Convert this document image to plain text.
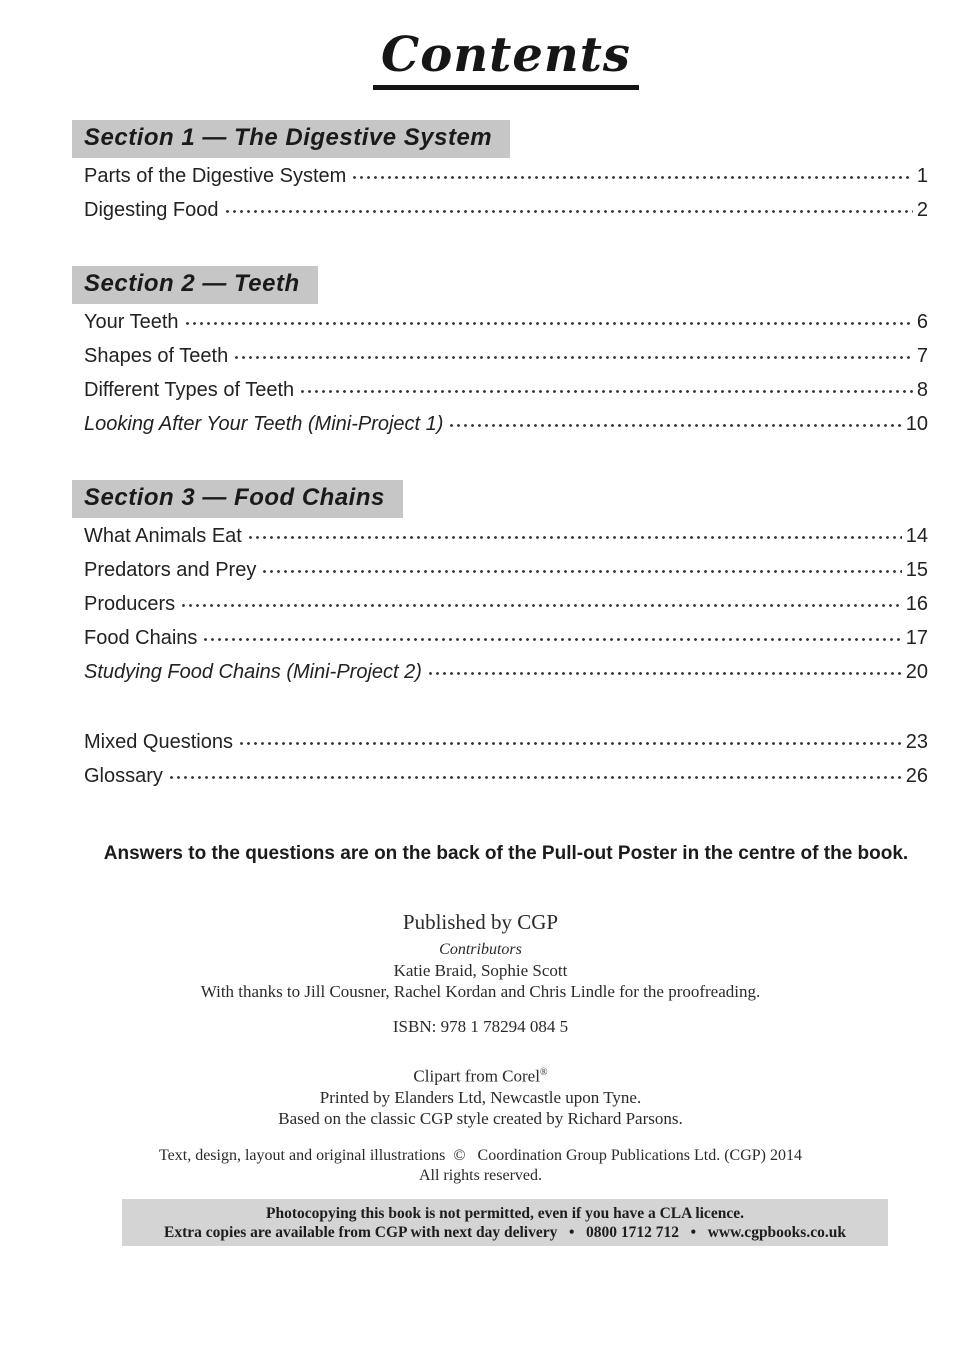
Contents
Section 1 — The Digestive System
Parts of the Digestive System	1
Digesting Food	2
Section 2 — Teeth
Your Teeth	6
Shapes of Teeth	7
Different Types of Teeth	8
Looking After Your Teeth (Mini-Project 1)	10
Section 3 — Food Chains
What Animals Eat	14
Predators and Prey	15
Producers	16
Food Chains	17
Studying Food Chains (Mini-Project 2)	20
Mixed Questions	23
Glossary	26
Answers to the questions are on the back of the Pull-out Poster in the centre of the book.
Published by CGP
Contributors
Katie Braid, Sophie Scott
With thanks to Jill Cousner, Rachel Kordan and Chris Lindle for the proofreading.
ISBN: 978 1 78294 084 5
Clipart from Corel®
Printed by Elanders Ltd, Newcastle upon Tyne.
Based on the classic CGP style created by Richard Parsons.
Text, design, layout and original illustrations ©  Coordination Group Publications Ltd. (CGP) 2014
All rights reserved.
Photocopying this book is not permitted, even if you have a CLA licence.
Extra copies are available from CGP with next day delivery  •  0800 1712 712  •  www.cgpbooks.co.uk
